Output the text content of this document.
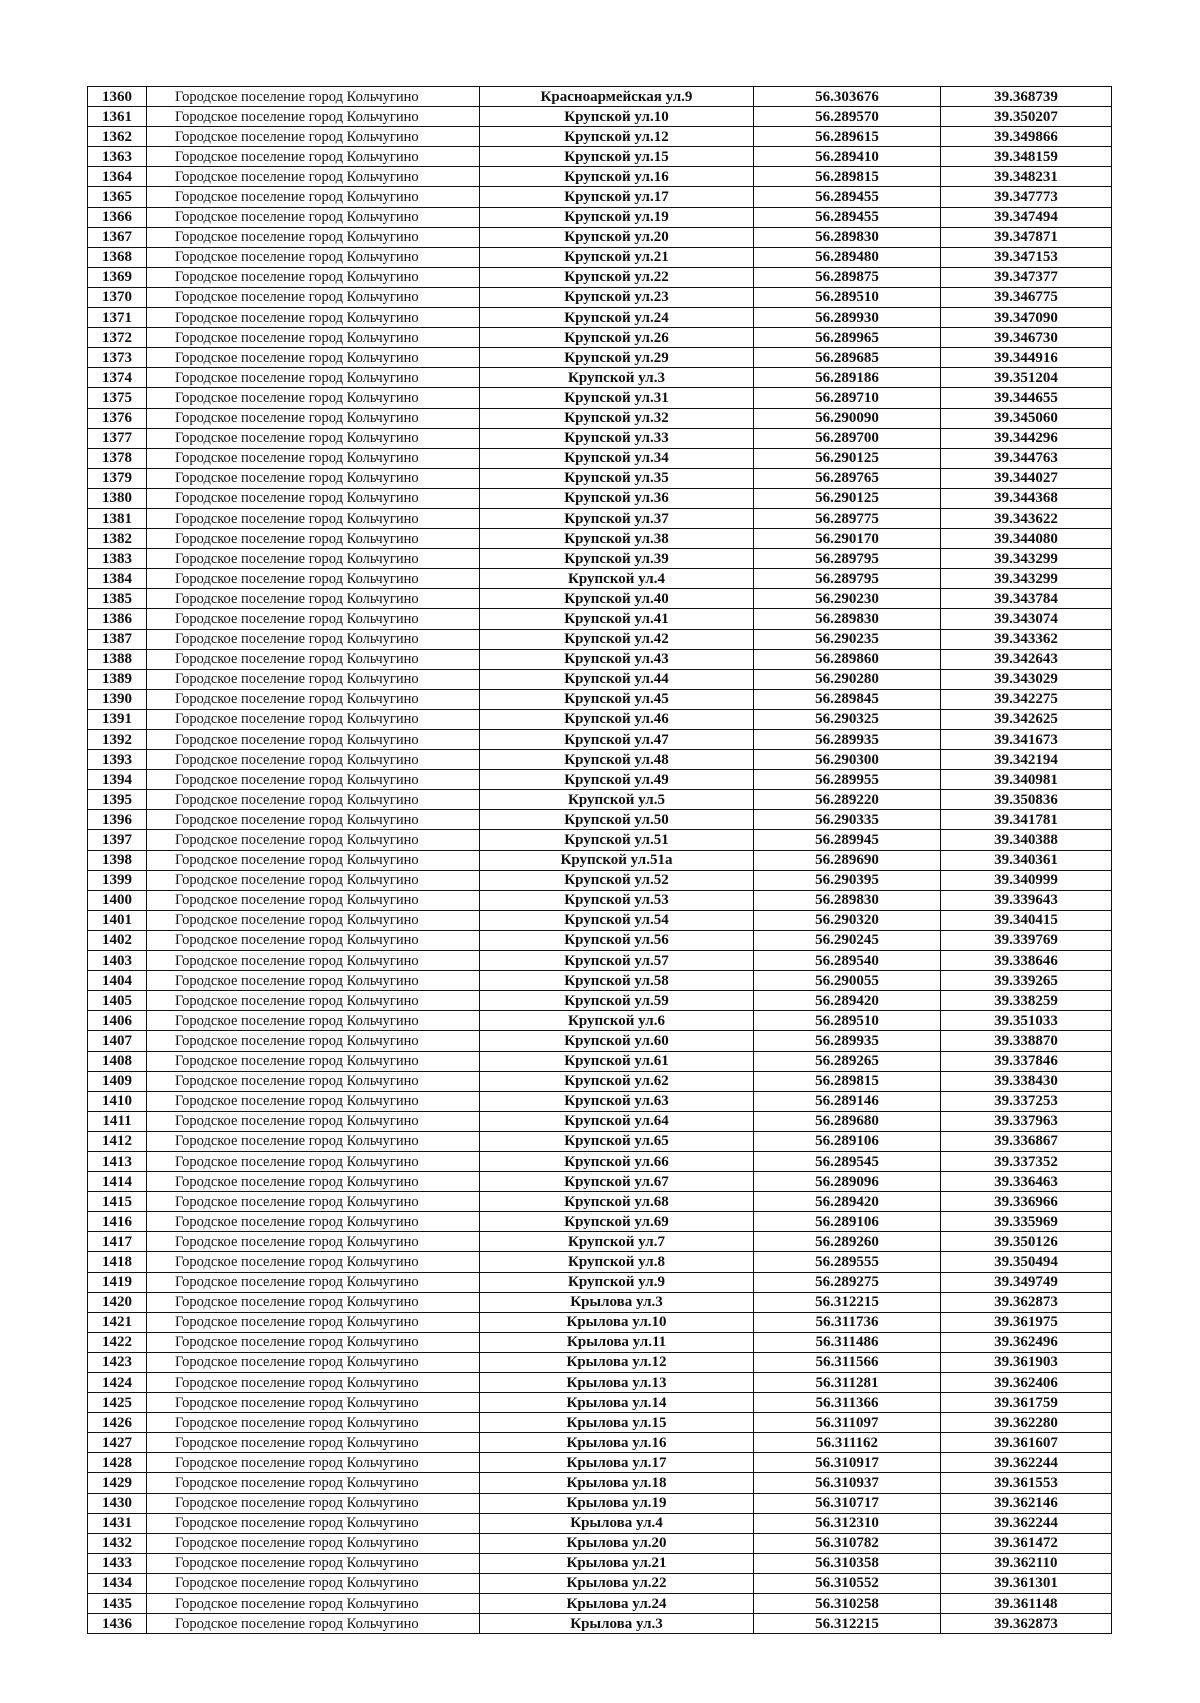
1360	Городское поселение город Кольчугино	Красноармейская ул.9	56.303676	39.368739
1361	Городское поселение город Кольчугино	Крупской ул.10	56.289570	39.350207
1362	Городское поселение город Кольчугино	Крупской ул.12	56.289615	39.349866
1363	Городское поселение город Кольчугино	Крупской ул.15	56.289410	39.348159
1364	Городское поселение город Кольчугино	Крупской ул.16	56.289815	39.348231
1365	Городское поселение город Кольчугино	Крупской ул.17	56.289455	39.347773
1366	Городское поселение город Кольчугино	Крупской ул.19	56.289455	39.347494
1367	Городское поселение город Кольчугино	Крупской ул.20	56.289830	39.347871
1368	Городское поселение город Кольчугино	Крупской ул.21	56.289480	39.347153
1369	Городское поселение город Кольчугино	Крупской ул.22	56.289875	39.347377
1370	Городское поселение город Кольчугино	Крупской ул.23	56.289510	39.346775
1371	Городское поселение город Кольчугино	Крупской ул.24	56.289930	39.347090
1372	Городское поселение город Кольчугино	Крупской ул.26	56.289965	39.346730
1373	Городское поселение город Кольчугино	Крупской ул.29	56.289685	39.344916
1374	Городское поселение город Кольчугино	Крупской ул.3	56.289186	39.351204
1375	Городское поселение город Кольчугино	Крупской ул.31	56.289710	39.344655
1376	Городское поселение город Кольчугино	Крупской ул.32	56.290090	39.345060
1377	Городское поселение город Кольчугино	Крупской ул.33	56.289700	39.344296
1378	Городское поселение город Кольчугино	Крупской ул.34	56.290125	39.344763
1379	Городское поселение город Кольчугино	Крупской ул.35	56.289765	39.344027
1380	Городское поселение город Кольчугино	Крупской ул.36	56.290125	39.344368
1381	Городское поселение город Кольчугино	Крупской ул.37	56.289775	39.343622
1382	Городское поселение город Кольчугино	Крупской ул.38	56.290170	39.344080
1383	Городское поселение город Кольчугино	Крупской ул.39	56.289795	39.343299
1384	Городское поселение город Кольчугино	Крупской ул.4	56.289795	39.343299
1385	Городское поселение город Кольчугино	Крупской ул.40	56.290230	39.343784
1386	Городское поселение город Кольчугино	Крупской ул.41	56.289830	39.343074
1387	Городское поселение город Кольчугино	Крупской ул.42	56.290235	39.343362
1388	Городское поселение город Кольчугино	Крупской ул.43	56.289860	39.342643
1389	Городское поселение город Кольчугино	Крупской ул.44	56.290280	39.343029
1390	Городское поселение город Кольчугино	Крупской ул.45	56.289845	39.342275
1391	Городское поселение город Кольчугино	Крупской ул.46	56.290325	39.342625
1392	Городское поселение город Кольчугино	Крупской ул.47	56.289935	39.341673
1393	Городское поселение город Кольчугино	Крупской ул.48	56.290300	39.342194
1394	Городское поселение город Кольчугино	Крупской ул.49	56.289955	39.340981
1395	Городское поселение город Кольчугино	Крупской ул.5	56.289220	39.350836
1396	Городское поселение город Кольчугино	Крупской ул.50	56.290335	39.341781
1397	Городское поселение город Кольчугино	Крупской ул.51	56.289945	39.340388
1398	Городское поселение город Кольчугино	Крупской ул.51а	56.289690	39.340361
1399	Городское поселение город Кольчугино	Крупской ул.52	56.290395	39.340999
1400	Городское поселение город Кольчугино	Крупской ул.53	56.289830	39.339643
1401	Городское поселение город Кольчугино	Крупской ул.54	56.290320	39.340415
1402	Городское поселение город Кольчугино	Крупской ул.56	56.290245	39.339769
1403	Городское поселение город Кольчугино	Крупской ул.57	56.289540	39.338646
1404	Городское поселение город Кольчугино	Крупской ул.58	56.290055	39.339265
1405	Городское поселение город Кольчугино	Крупской ул.59	56.289420	39.338259
1406	Городское поселение город Кольчугино	Крупской ул.6	56.289510	39.351033
1407	Городское поселение город Кольчугино	Крупской ул.60	56.289935	39.338870
1408	Городское поселение город Кольчугино	Крупской ул.61	56.289265	39.337846
1409	Городское поселение город Кольчугино	Крупской ул.62	56.289815	39.338430
1410	Городское поселение город Кольчугино	Крупской ул.63	56.289146	39.337253
1411	Городское поселение город Кольчугино	Крупской ул.64	56.289680	39.337963
1412	Городское поселение город Кольчугино	Крупской ул.65	56.289106	39.336867
1413	Городское поселение город Кольчугино	Крупской ул.66	56.289545	39.337352
1414	Городское поселение город Кольчугино	Крупской ул.67	56.289096	39.336463
1415	Городское поселение город Кольчугино	Крупской ул.68	56.289420	39.336966
1416	Городское поселение город Кольчугино	Крупской ул.69	56.289106	39.335969
1417	Городское поселение город Кольчугино	Крупской ул.7	56.289260	39.350126
1418	Городское поселение город Кольчугино	Крупской ул.8	56.289555	39.350494
1419	Городское поселение город Кольчугино	Крупской ул.9	56.289275	39.349749
1420	Городское поселение город Кольчугино	Крылова ул.3	56.312215	39.362873
1421	Городское поселение город Кольчугино	Крылова ул.10	56.311736	39.361975
1422	Городское поселение город Кольчугино	Крылова ул.11	56.311486	39.362496
1423	Городское поселение город Кольчугино	Крылова ул.12	56.311566	39.361903
1424	Городское поселение город Кольчугино	Крылова ул.13	56.311281	39.362406
1425	Городское поселение город Кольчугино	Крылова ул.14	56.311366	39.361759
1426	Городское поселение город Кольчугино	Крылова ул.15	56.311097	39.362280
1427	Городское поселение город Кольчугино	Крылова ул.16	56.311162	39.361607
1428	Городское поселение город Кольчугино	Крылова ул.17	56.310917	39.362244
1429	Городское поселение город Кольчугино	Крылова ул.18	56.310937	39.361553
1430	Городское поселение город Кольчугино	Крылова ул.19	56.310717	39.362146
1431	Городское поселение город Кольчугино	Крылова ул.4	56.312310	39.362244
1432	Городское поселение город Кольчугино	Крылова ул.20	56.310782	39.361472
1433	Городское поселение город Кольчугино	Крылова ул.21	56.310358	39.362110
1434	Городское поселение город Кольчугино	Крылова ул.22	56.310552	39.361301
1435	Городское поселение город Кольчугино	Крылова ул.24	56.310258	39.361148
1436	Городское поселение город Кольчугино	Крылова ул.3	56.312215	39.362873
